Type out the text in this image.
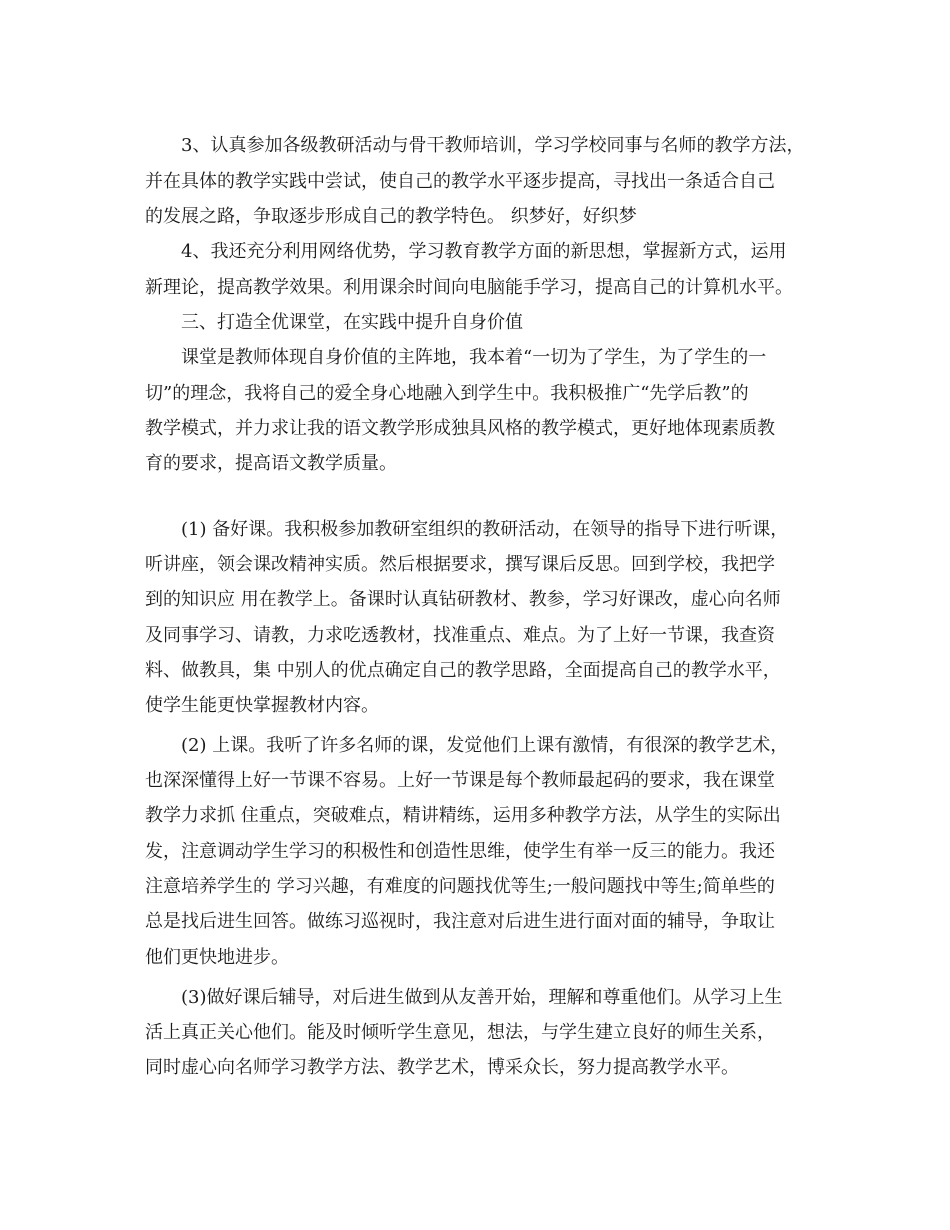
3、认真参加各级教研活动与骨干教师培训，学习学校同事与名师的教学方法，

并在具体的教学实践中尝试，使自己的教学水平逐步提高，寻找出一条适合自己

的发展之路，争取逐步形成自己的教学特色。 织梦好，好织梦

4、我还充分利用网络优势，学习教育教学方面的新思想，掌握新方式，运用

新理论，提高教学效果。利用课余时间向电脑能手学习，提高自己的计算机水平。

三、打造全优课堂，在实践中提升自身价值

课堂是教师体现自身价值的主阵地，我本着“一切为了学生，为了学生的一

切”的理念，我将自己的爱全身心地融入到学生中。我积极推广“先学后教”的

教学模式，并力求让我的语文教学形成独具风格的教学模式，更好地体现素质教

育的要求，提高语文教学质量。

(1) 备好课。我积极参加教研室组织的教研活动，在领导的指导下进行听课，

听讲座，领会课改精神实质。然后根据要求，撰写课后反思。回到学校，我把学

到的知识应 用在教学上。备课时认真钻研教材、教参，学习好课改，虚心向名师

及同事学习、请教，力求吃透教材，找准重点、难点。为了上好一节课，我查资

料、做教具，集 中别人的优点确定自己的教学思路，全面提高自己的教学水平，

使学生能更快掌握教材内容。

(2) 上课。我听了许多名师的课，发觉他们上课有激情，有很深的教学艺术，

也深深懂得上好一节课不容易。上好一节课是每个教师最起码的要求，我在课堂

教学力求抓 住重点，突破难点，精讲精练，运用多种教学方法，从学生的实际出

发，注意调动学生学习的积极性和创造性思维，使学生有举一反三的能力。我还

注意培养学生的 学习兴趣，有难度的问题找优等生;一般问题找中等生;简单些的

总是找后进生回答。做练习巡视时，我注意对后进生进行面对面的辅导，争取让

他们更快地进步。

(3)做好课后辅导，对后进生做到从友善开始，理解和尊重他们。从学习上生

活上真正关心他们。能及时倾听学生意见，想法，与学生建立良好的师生关系，

同时虚心向名师学习教学方法、教学艺术，博采众长，努力提高教学水平。
